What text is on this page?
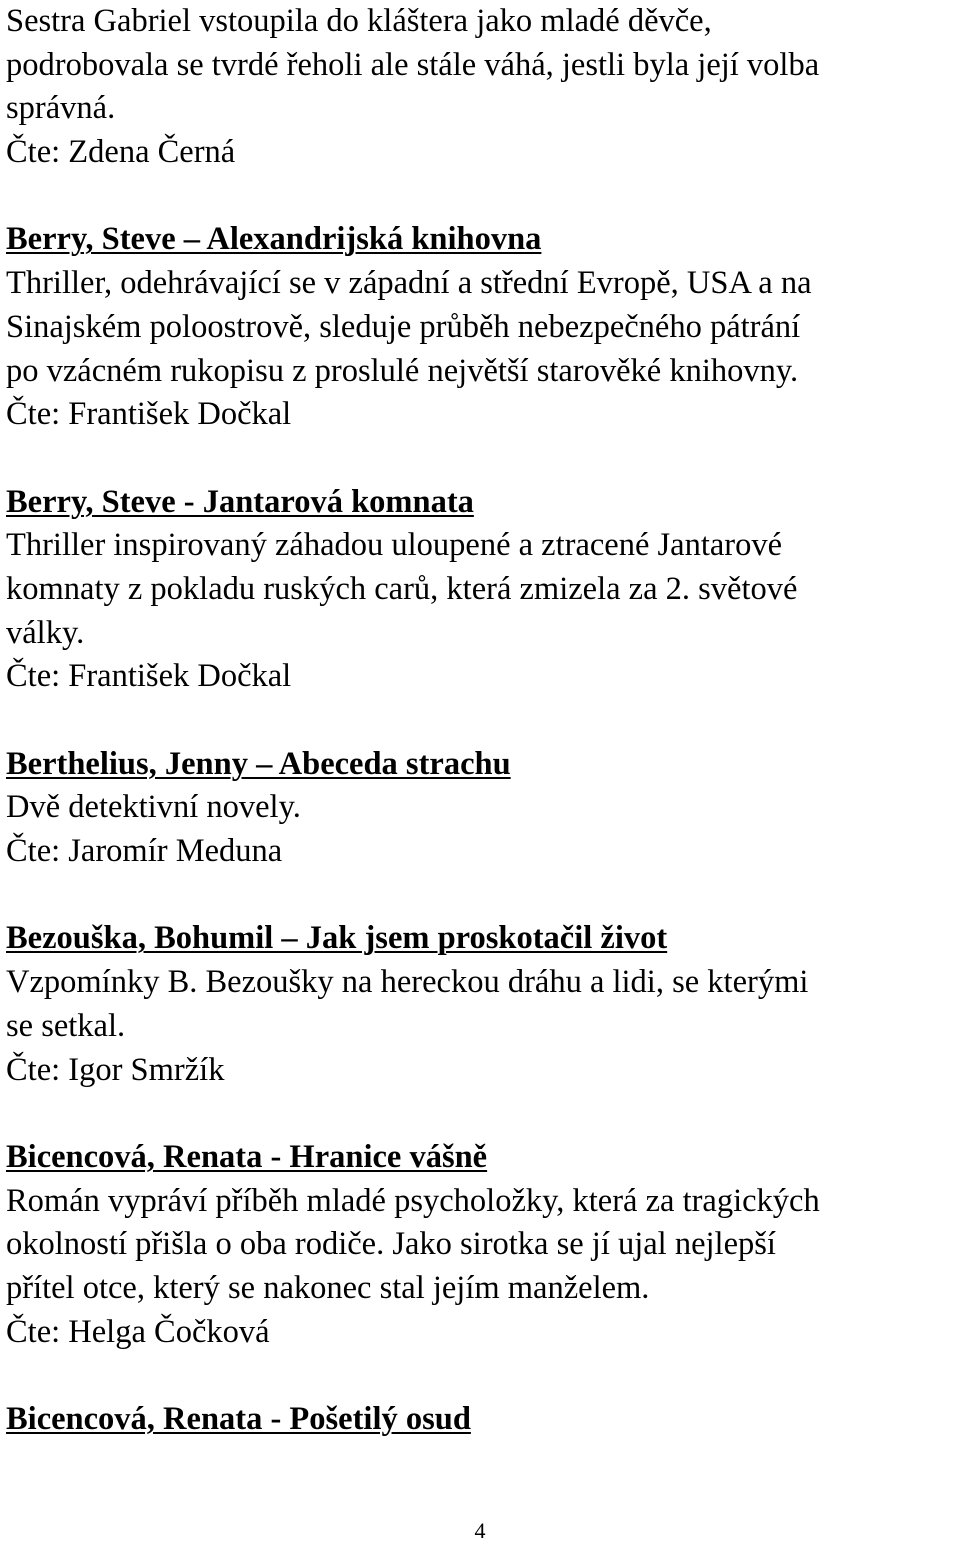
Sestra Gabriel vstoupila do kláštera jako mladé děvče,
podrobovala se tvrdé řeholi ale stále váhá, jestli byla její volba
správná.
Čte: Zdena Černá
Berry, Steve – Alexandrijská knihovna
Thriller, odehrávající se v západní a střední Evropě, USA a na
Sinajském poloostrově, sleduje průběh nebezpečného pátrání
po vzácném rukopisu z proslulé největší starověké knihovny.
Čte: František Dočkal
Berry, Steve - Jantarová komnata
Thriller inspirovaný záhadou uloupené a ztracené Jantarové
komnaty z pokladu ruských carů, která zmizela za 2. světové
války.
Čte: František Dočkal
Berthelius, Jenny – Abeceda strachu
Dvě detektivní novely.
Čte: Jaromír Meduna
Bezouška, Bohumil – Jak jsem proskotačil život
Vzpomínky B. Bezoušky na hereckou dráhu a lidi, se kterými
se setkal.
Čte: Igor Smržík
Bicencová, Renata - Hranice vášně
Román vypráví příběh mladé psycholožky, která za tragických
okolností přišla o oba rodiče. Jako sirotka se jí ujal nejlepší
přítel otce, který se nakonec stal jejím manželem.
Čte: Helga Čočková
Bicencová, Renata - Pošetilý osud
4
